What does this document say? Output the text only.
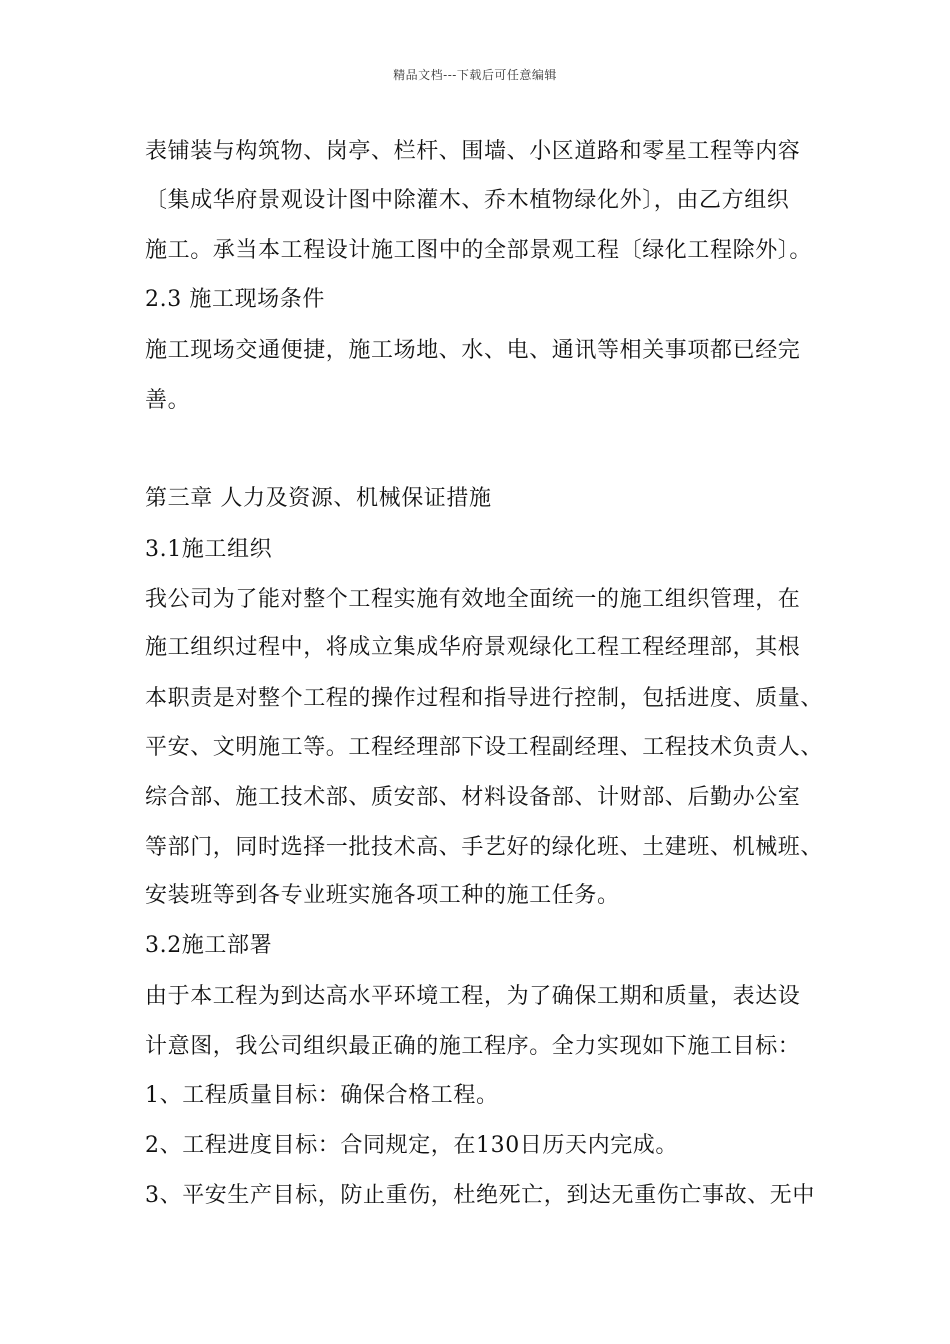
精品文档---下载后可任意编辑
表铺装与构筑物、岗亭、栏杆、围墙、小区道路和零星工程等内容
〔集成华府景观设计图中除灌木、乔木植物绿化外〕，由乙方组织
施工。承当本工程设计施工图中的全部景观工程〔绿化工程除外〕。
2.3 施工现场条件
施工现场交通便捷，施工场地、水、电、通讯等相关事项都已经完
善。
第三章 人力及资源、机械保证措施
3.1施工组织
我公司为了能对整个工程实施有效地全面统一的施工组织管理，在
施工组织过程中，将成立集成华府景观绿化工程工程经理部，其根
本职责是对整个工程的操作过程和指导进行控制，包括进度、质量、
平安、文明施工等。工程经理部下设工程副经理、工程技术负责人、
综合部、施工技术部、质安部、材料设备部、计财部、后勤办公室
等部门，同时选择一批技术高、手艺好的绿化班、土建班、机械班、
安装班等到各专业班实施各项工种的施工任务。
3.2施工部署
由于本工程为到达高水平环境工程，为了确保工期和质量，表达设
计意图，我公司组织最正确的施工程序。全力实现如下施工目标：
1、工程质量目标：确保合格工程。
2、工程进度目标：合同规定，在130日历天内完成。
3、平安生产目标，防止重伤，杜绝死亡，到达无重伤亡事故、无中
